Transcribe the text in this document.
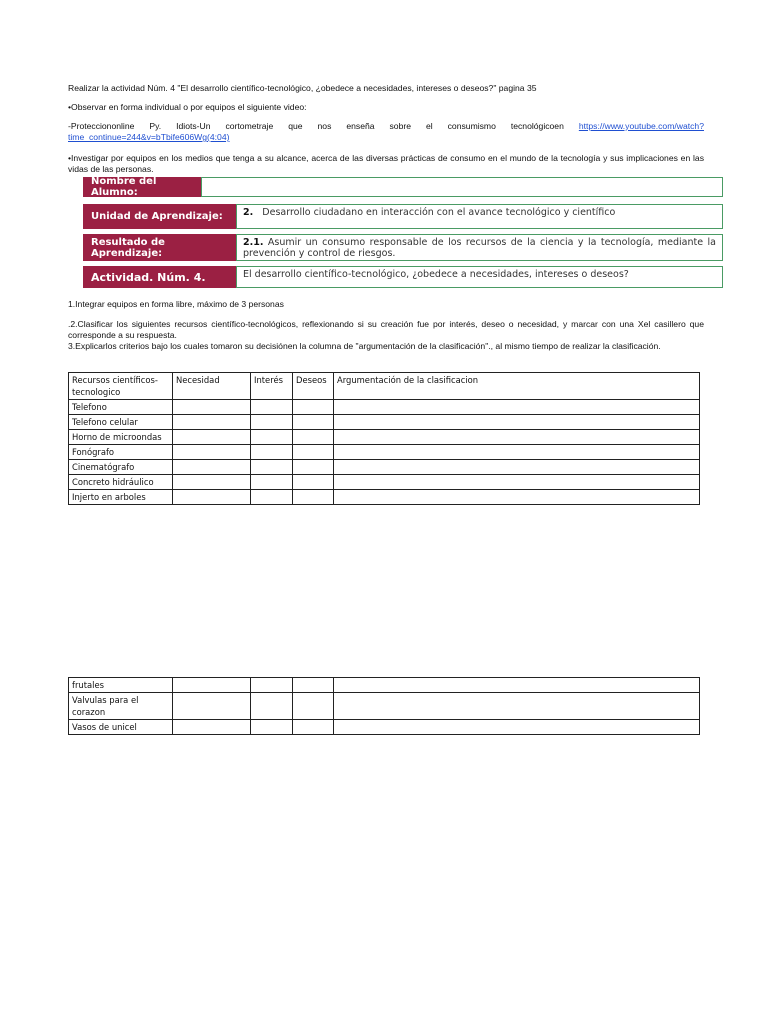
Realizar la actividad Núm. 4 "El desarrollo científico-tecnológico, ¿obedece a necesidades, intereses o deseos?" pagina 35

•Observar en forma individual o por equipos el siguiente video:

-Protecciononline Py. Idiots-Un cortometraje que nos enseña sobre el consumismo tecnológicoen https://www.youtube.com/watch?time_continue=244&v=bTbife606Wg(4:04)

•Investigar por equipos en los medios que tenga a su alcance, acerca de las diversas prácticas de consumo en el mundo de la tecnología y sus implicaciones en las vidas de las personas.

Nombre del Alumno:
Unidad de Aprendizaje:	2. Desarrollo ciudadano en interacción con el avance tecnológico y científico
Resultado de Aprendizaje:
2.1. Asumir un consumo responsable de los recursos de la ciencia y la tecnología, mediante la prevención y control de riesgos.
Actividad. Núm. 4.	El desarrollo científico-tecnológico, ¿obedece a necesidades, intereses o deseos?

1.Integrar equipos en forma libre, máximo de 3 personas

.2.Clasificar los siguientes recursos científico-tecnológicos, reflexionando si su creación fue por interés, deseo o necesidad, y marcar con una Xel casillero que corresponde a su respuesta.

3.Explicarlos criterios bajo los cuales tomaron su decisiónen la columna de "argumentación de la clasificación"., al mismo tiempo de realizar la clasificación.

Recursos científicos-tecnologico	Necesidad	Interés	Deseos	Argumentación de la clasificacion
Telefono				
Telefono celular				
Horno de microondas				
Fonógrafo				
Cinematógrafo				
Concreto hidráulico				
Injerto en arboles				
frutales				
Valvulas para el corazon				
Vasos de unicel				
